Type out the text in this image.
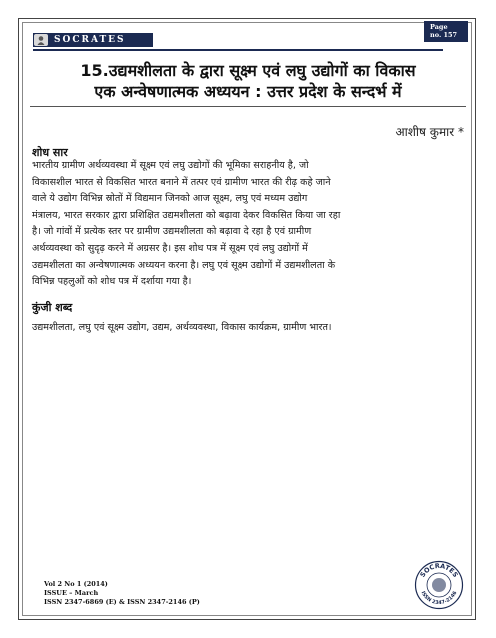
SOCRATES
Page
no. 157
15.उद्यमशीलता के द्वारा सूक्ष्म एवं लघु उद्योगों का विकास
एक अन्वेषणात्मक अध्ययन : उत्तर प्रदेश के सन्दर्भ में
आशीष कुमार *
शोध सार
भारतीय ग्रामीण अर्थव्यवस्था में सूक्ष्म एवं लघु उद्योगों की भूमिका सराहनीय है, जो
विकासशील भारत से विकसित भारत बनाने में तत्पर एवं ग्रामीण भारत की रीढ़ कहे जाने
वाले ये उद्योग विभिन्न स्रोतों में विद्यमान जिनको आज सूक्ष्म, लघु एवं मध्यम उद्योग
मंत्रालय, भारत सरकार द्वारा प्रशिक्षित उद्यमशीलता को बढ़ावा देकर विकसित किया जा रहा
है। जो गांवों में प्रत्येक स्तर पर ग्रामीण उद्यमशीलता को बढ़ावा दे रहा है एवं ग्रामीण
अर्थव्यवस्था को सुदृढ़ करने में अग्रसर है। इस शोध पत्र में सूक्ष्म एवं लघु उद्योगों में
उद्यमशीलता का अन्वेषणात्मक अध्ययन करना है। लघु एवं सूक्ष्म उद्योगों में उद्यमशीलता के
विभिन्न पहलुओं को शोध पत्र में दर्शाया गया है।
कुंजी शब्द
उद्यमशीलता, लघु एवं सूक्ष्म उद्योग, उद्यम, अर्थव्यवस्था, विकास कार्यक्रम, ग्रामीण भारत।
Vol 2 No 1 (2014)
ISSUE – March
ISSN 2347-6869 (E) & ISSN 2347-2146 (P)
SOCRATES
ISSN 2347-2146
